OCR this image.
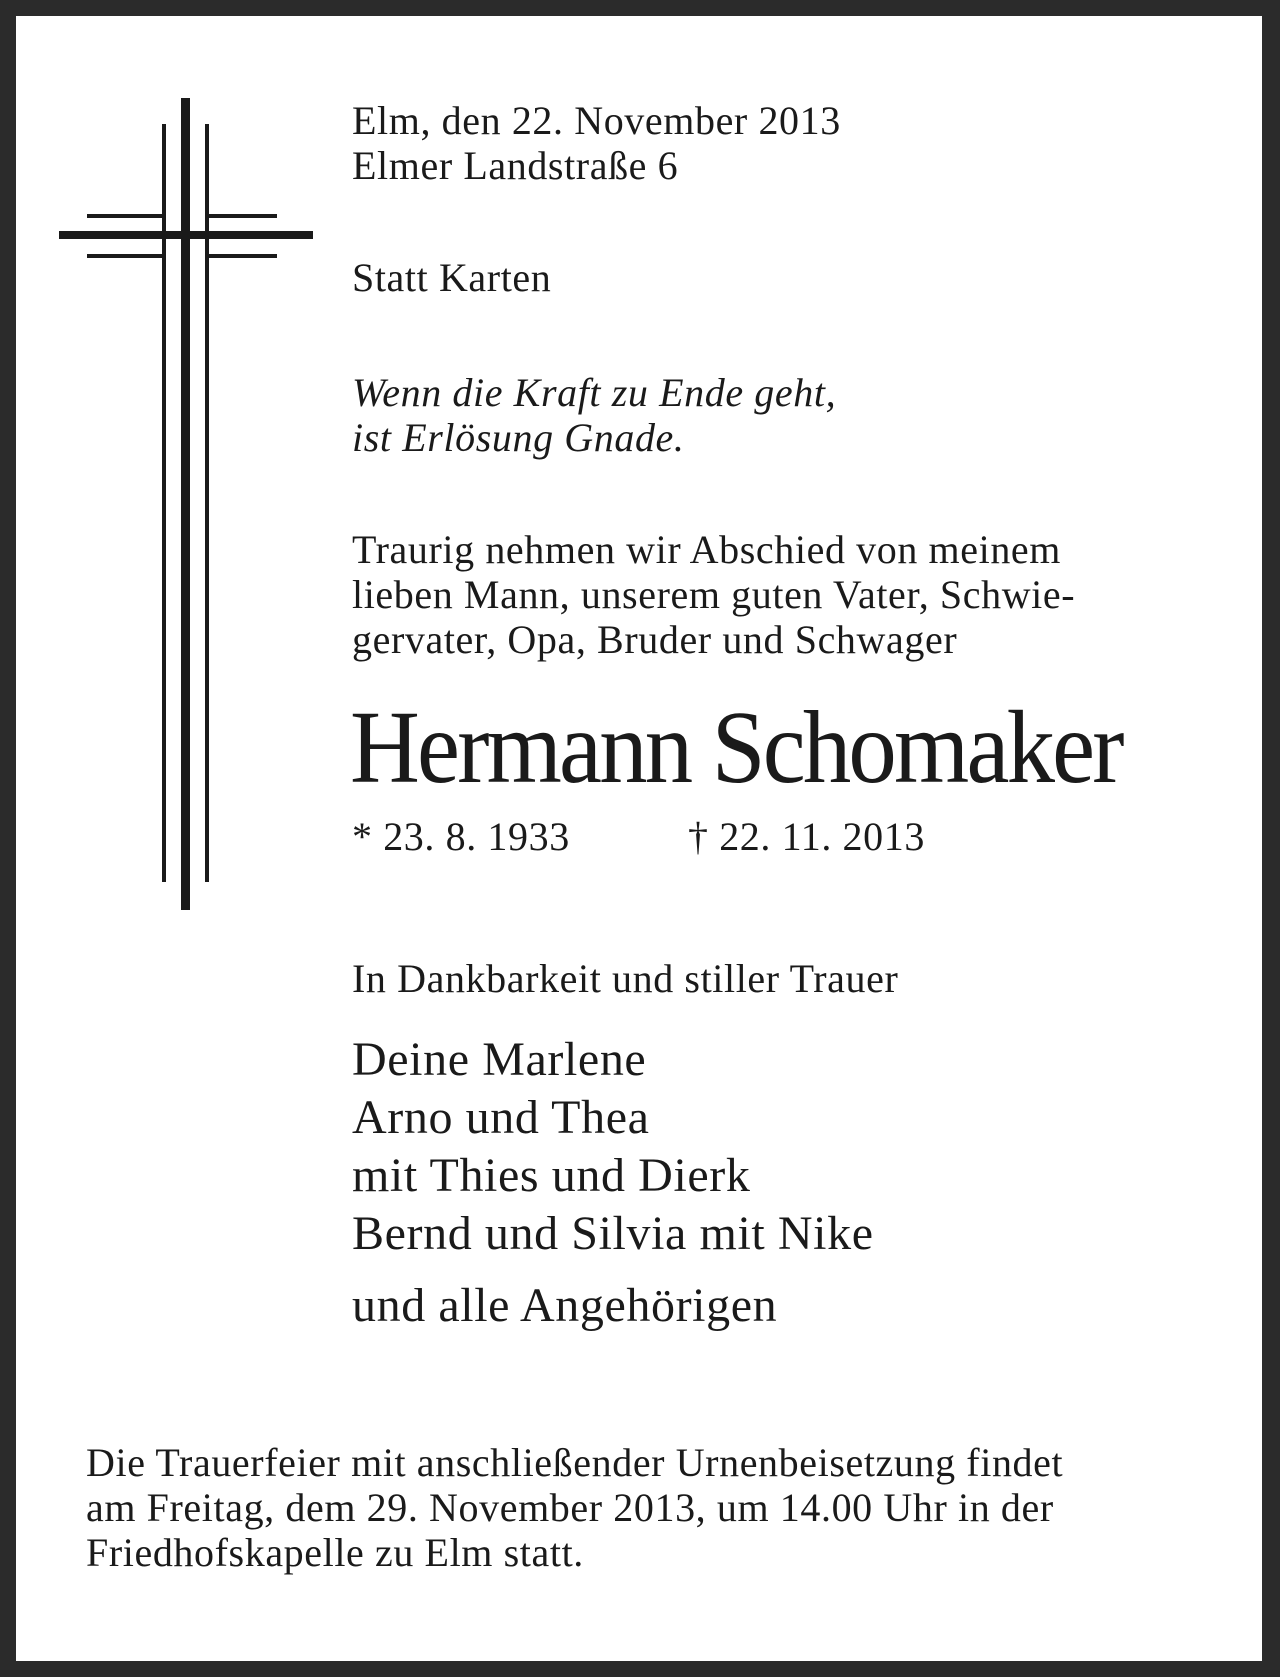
Elm, den 22. November 2013
Elmer Landstraße 6
Statt Karten
Wenn die Kraft zu Ende geht,
ist Erlösung Gnade.
Traurig nehmen wir Abschied von meinem
lieben Mann, unserem guten Vater, Schwie-
gervater, Opa, Bruder und Schwager
Hermann Schomaker
* 23. 8. 1933	† 22. 11. 2013
In Dankbarkeit und stiller Trauer
Deine Marlene
Arno und Thea
mit Thies und Dierk
Bernd und Silvia mit Nike
und alle Angehörigen
Die Trauerfeier mit anschließender Urnenbeisetzung findet
am Freitag, dem 29. November 2013, um 14.00 Uhr in der
Friedhofskapelle zu Elm statt.
